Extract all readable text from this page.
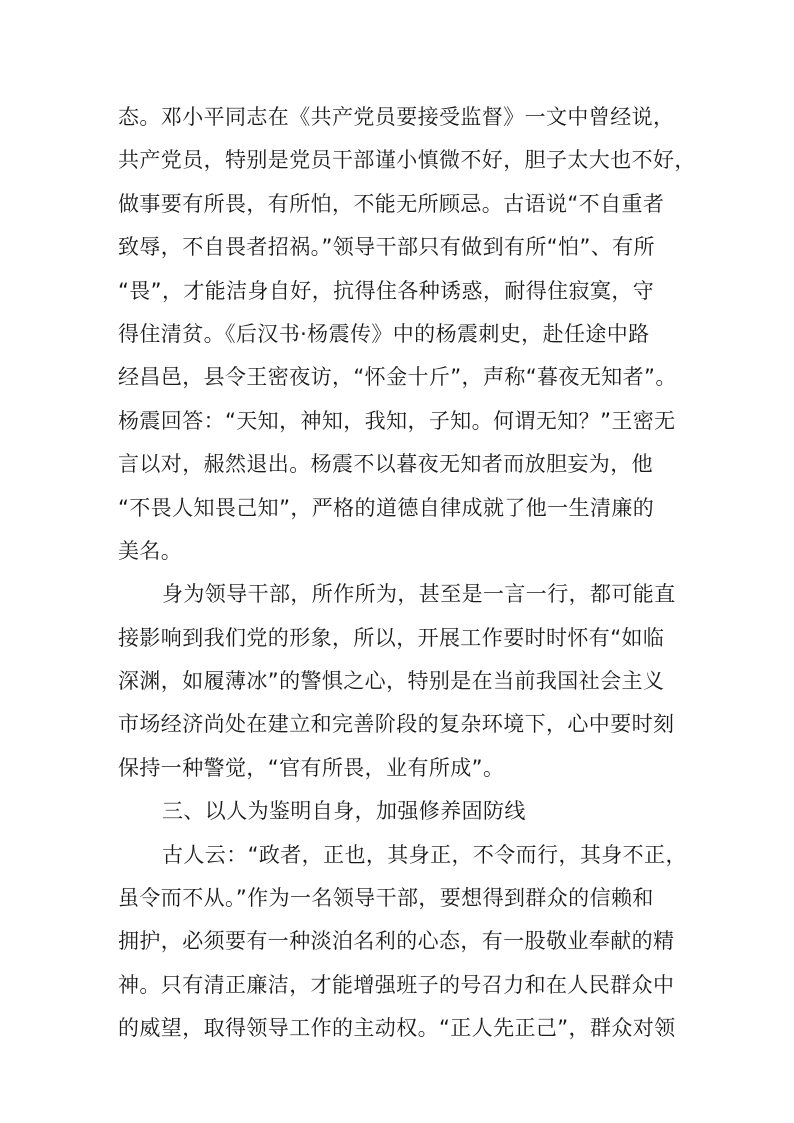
态。邓小平同志在《共产党员要接受监督》一文中曾经说，
共产党员，特别是党员干部谨小慎微不好，胆子太大也不好，
做事要有所畏，有所怕，不能无所顾忌。古语说“不自重者
致辱，不自畏者招祸。”领导干部只有做到有所“怕”、有所
“畏”，才能洁身自好，抗得住各种诱惑，耐得住寂寞，守
得住清贫。《后汉书·杨震传》中的杨震刺史，赴任途中路
经昌邑，县令王密夜访，“怀金十斤”，声称“暮夜无知者”。
杨震回答：“天知，神知，我知，子知。何谓无知？”王密无
言以对，赧然退出。杨震不以暮夜无知者而放胆妄为，他
“不畏人知畏己知”，严格的道德自律成就了他一生清廉的
美名。
身为领导干部，所作所为，甚至是一言一行，都可能直
接影响到我们党的形象，所以，开展工作要时时怀有“如临
深渊，如履薄冰”的警惧之心，特别是在当前我国社会主义
市场经济尚处在建立和完善阶段的复杂环境下，心中要时刻
保持一种警觉，“官有所畏，业有所成”。
三、以人为鉴明自身，加强修养固防线
古人云：“政者，正也，其身正，不令而行，其身不正，
虽令而不从。”作为一名领导干部，要想得到群众的信赖和
拥护，必须要有一种淡泊名利的心态，有一股敬业奉献的精
神。只有清正廉洁，才能增强班子的号召力和在人民群众中
的威望，取得领导工作的主动权。“正人先正己”，群众对领
